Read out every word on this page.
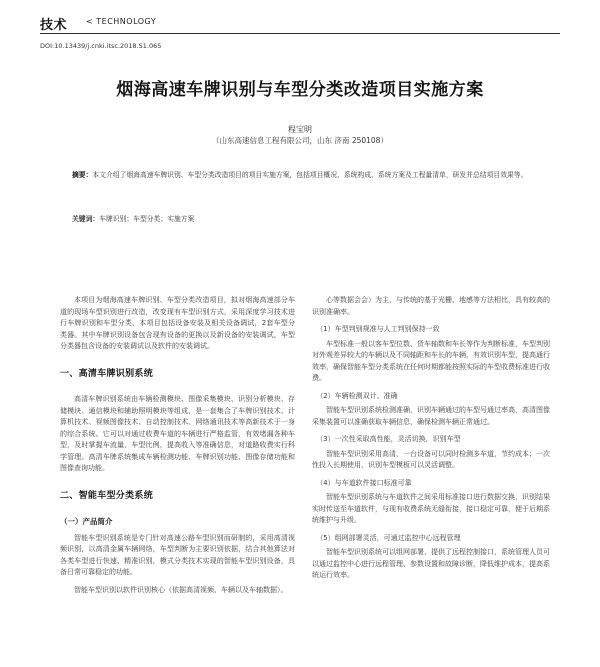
技术 < TECHNOLOGY
DOI:10.13439/j.cnki.itsc.2018.S1.065
烟海高速车牌识别与车型分类改造项目实施方案
程宝明
（山东高速信息工程有限公司，山东 济南 250108）
摘要：本文介绍了烟海高速车牌识别、车型分类改造项目的项目实施方案，包括项目概况、系统构成、系统方案及工程量清单，研发并总结项目效果等。
关键词：车牌识别；车型分类；实施方案

本项目为烟海高速车牌识别、车型分类改造项目，拟对烟海高速部分车道的现场车型识别进行改造，改变现有车型识别方式，采用深度学习技术进行车牌识别和车型分类，本项目包括设备安装及相关设备调试，2套车型分类器。其中车牌识别设备包含现有设备的更换以及新设备的安装调试，车型分类器包含设备的安装调试以及软件的安装调试。

一、高清车牌识别系统

高清车牌识别系统由车辆检测模块、图像采集模块、识别分析模块、存储模块、通信模块和辅助照明模块等组成，是一套集合了车牌识别技术、计算机技术、视频图像技术、自动控制技术、网络通讯技术等高新技术于一身的综合系统。它可以对通过收费车道的车辆进行严格监管，有效堵漏各种车型，及时掌握车流量、车型比例，提高收入等准确信息，对道路收费实行科学管理。高清车牌系统集成车辆检测功能、车牌识别功能、图像存储功能和图像查询功能。

二、智能车型分类系统
（一）产品简介

智能车型识别系统是专门针对高速公路车型识别而研制的，采用高清视频识别，以高清金属车辆网络，车型判断为主要识别依据，结合其他算法对各类车型进行快速、精准识别，模式分类技术实现的智能车型识别设备，具备日常可靠稳定的功能。

智能车型识别以软件识别核心（依据高清视频、车辆以及车轴数据）。

心等数据会会）为主，与传统的基于光栅、地感等方法相比，具有较高的识别准确率。

（1）车型判别规准与人工判别保持一致

车型标准一般以客车型位数、货车轴数和车长等作为判断标准，车型判别对外观差异较大的车辆以及不同轴距和车长的车辆，有效识别车型，提高通行效率，确保智能车型分类系统在任何时期都能按照实际的车型收费标准进行收费。

（2）车辆检测双计、准确

智能车型识别系统检测准确，识别车辆通过的车型号通过率高，高清图像采集装置可以准确获取车辆信息，确保检测车辆正常通过。

（3）一次性采取高性能，灵活切换，识别车型

智能车型识别采用高清，一台设备可以同时检测多车道，节约成本；一次性投入长期使用，识别车型模板可以灵活调整。

（4）与车道软件接口标准可靠

智能车型识别系统与车道软件之间采用标准接口进行数据交换，识别结果实时传送至车道软件，与现有收费系统无缝衔接，接口稳定可靠，便于后期系统维护与升级。

（5）组网部署灵活，可通过监控中心远程管理

智能车型识别系统可以组网部署，提供了远程控制接口，系统管理人员可以通过监控中心进行远程管理、参数设置和故障诊断，降低维护成本，提高系统运行效率。
